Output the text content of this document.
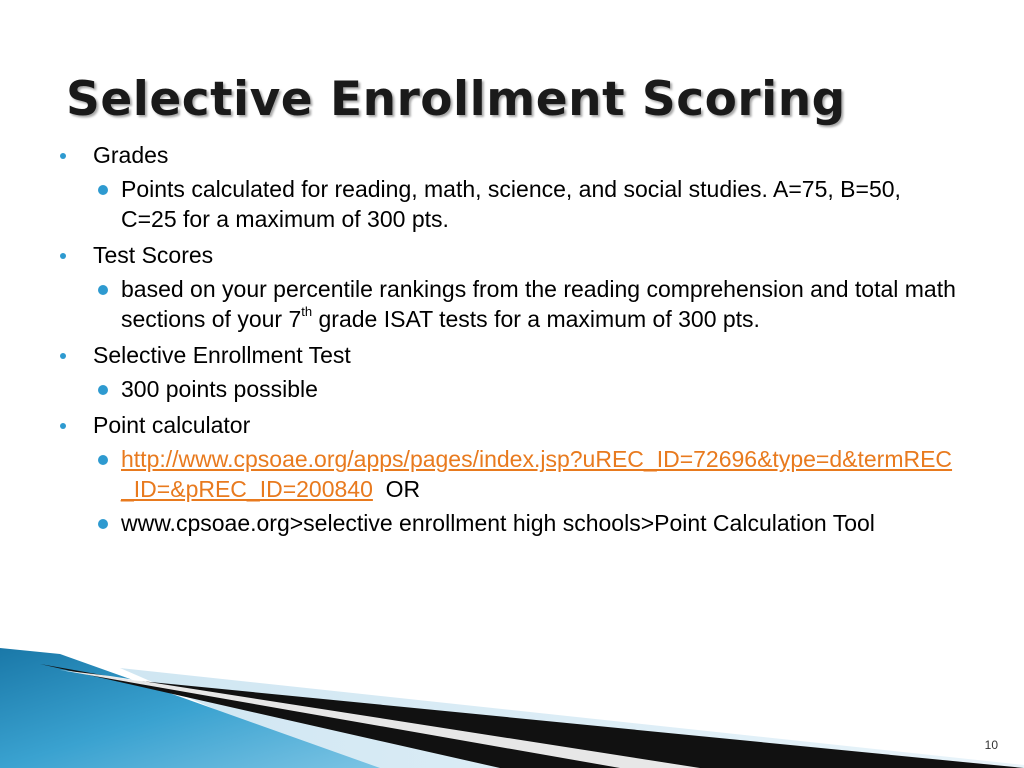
Selective Enrollment Scoring
Grades
Points calculated for reading, math, science, and social studies. A=75, B=50, C=25 for a maximum of 300 pts.
Test Scores
based on your percentile rankings from the reading comprehension and total math sections of your 7th grade ISAT tests for a maximum of 300 pts.
Selective Enrollment Test
300 points possible
Point calculator
http://www.cpsoae.org/apps/pages/index.jsp?uREC_ID=72696&type=d&termREC_ID=&pREC_ID=200840 OR
www.cpsoae.org>selective enrollment high schools>Point Calculation Tool
10
